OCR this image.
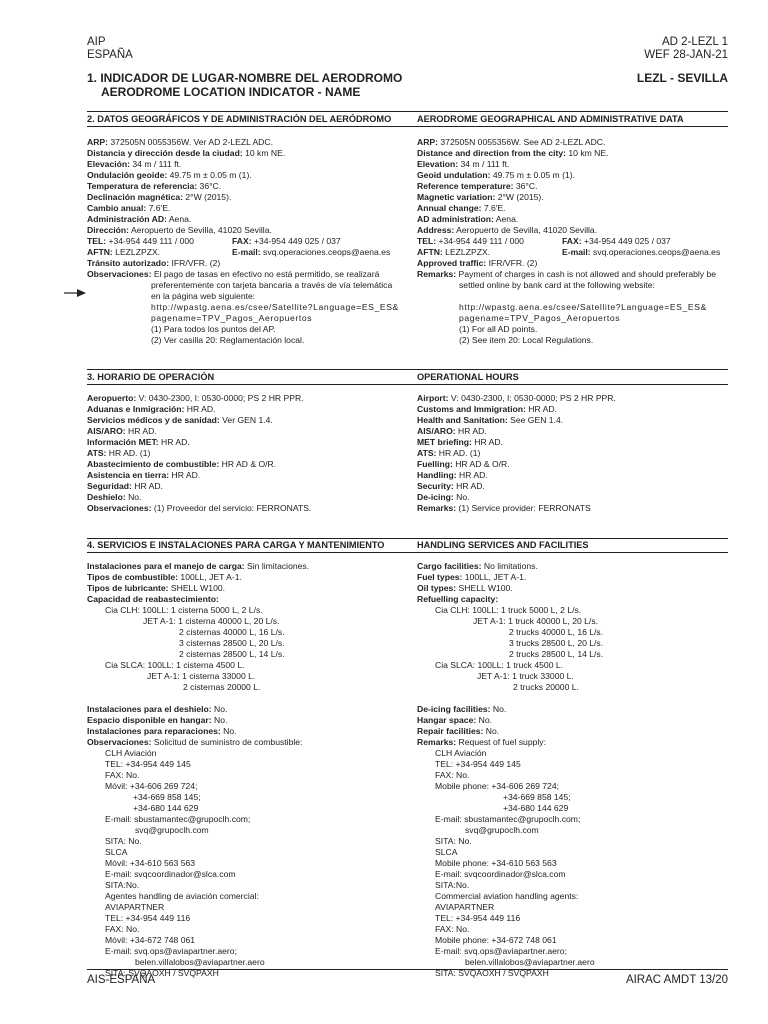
AIP
ESPAÑA
AD 2-LEZL 1
WEF 28-JAN-21
1. INDICADOR DE LUGAR-NOMBRE DEL AERODROMO
AERODROME LOCATION INDICATOR - NAME
LEZL - SEVILLA
2. DATOS GEOGRÁFICOS Y DE ADMINISTRACIÓN DEL AERÓDROMO	AERODROME GEOGRAPHICAL AND ADMINISTRATIVE DATA
ARP: 372505N 0055356W. Ver AD 2-LEZL ADC.
Distancia y dirección desde la ciudad: 10 km NE.
Elevación: 34 m / 111 ft.
Ondulación geoide: 49.75 m ± 0.05 m (1).
Temperatura de referencia: 36°C.
Declinación magnética: 2°W (2015).
Cambio anual: 7.6'E.
Administración AD: Aena.
Dirección: Aeropuerto de Sevilla, 41020 Sevilla.
TEL: +34-954 449 111 / 000	FAX: +34-954 449 025 / 037
AFTN: LEZLZPZX.	E-mail: svq.operaciones.ceops@aena.es
Tránsito autorizado: IFR/VFR. (2)
Observaciones: El pago de tasas en efectivo no está permitido, se realizará
preferentemente con tarjeta bancaria a través de vía telemática
en la página web siguiente:
http://wpastg.aena.es/csee/Satellite?Language=ES_ES&
pagename=TPV_Pagos_Aeropuertos
(1) Para todos los puntos del AP.
(2) Ver casilla 20: Reglamentación local.
ARP: 372505N 0055356W. See AD 2-LEZL ADC.
Distance and direction from the city: 10 km NE.
Elevation: 34 m / 111 ft.
Geoid undulation: 49.75 m ± 0.05 m (1).
Reference temperature: 36°C.
Magnetic variation: 2°W (2015).
Annual change: 7.6'E.
AD administration: Aena.
Address: Aeropuerto de Sevilla, 41020 Sevilla.
TEL: +34-954 449 111 / 000	FAX: +34-954 449 025 / 037
AFTN: LEZLZPZX.	E-mail: svq.operaciones.ceops@aena.es
Approved traffic: IFR/VFR. (2)
Remarks: Payment of charges in cash is not allowed and should preferably be
settled online by bank card at the following website:
http://wpastg.aena.es/csee/Satellite?Language=ES_ES&
pagename=TPV_Pagos_Aeropuertos
(1) For all AD points.
(2) See item 20: Local Regulations.
3. HORARIO DE OPERACIÓN	OPERATIONAL HOURS
Aeropuerto: V: 0430-2300, I: 0530-0000; PS 2 HR PPR.
Aduanas e Inmigración: HR AD.
Servicios médicos y de sanidad: Ver GEN 1.4.
AIS/ARO: HR AD.
Información MET: HR AD.
ATS: HR AD. (1)
Abastecimiento de combustible: HR AD & O/R.
Asistencia en tierra: HR AD.
Seguridad: HR AD.
Deshielo: No.
Observaciones: (1) Proveedor del servicio: FERRONATS.
Airport: V: 0430-2300, I: 0530-0000; PS 2 HR PPR.
Customs and Immigration: HR AD.
Health and Sanitation: See GEN 1.4.
AIS/ARO: HR AD.
MET briefing: HR AD.
ATS: HR AD. (1)
Fuelling: HR AD & O/R.
Handling: HR AD.
Security: HR AD.
De-icing: No.
Remarks: (1) Service provider: FERRONATS
4. SERVICIOS E INSTALACIONES PARA CARGA Y MANTENIMIENTO	HANDLING SERVICES AND FACILITIES
Instalaciones para el manejo de carga: Sin limitaciones.
Tipos de combustible: 100LL, JET A-1.
Tipos de lubricante: SHELL W100.
Capacidad de reabastecimiento:
Cia CLH: 100LL: 1 cisterna 5000 L, 2 L/s.
JET A-1: 1 cisterna 40000 L, 20 L/s.
2 cisternas 40000 L, 16 L/s.
3 cisternas 28500 L, 20 L/s.
2 cisternas 28500 L, 14 L/s.
Cia SLCA: 100LL: 1 cisterna 4500 L.
JET A-1: 1 cisterna 33000 L.
2 cisternas 20000 L.
Instalaciones para el deshielo: No.
Espacio disponible en hangar: No.
Instalaciones para reparaciones: No.
Observaciones: Solicitud de suministro de combustible:
CLH Aviación
TEL: +34-954 449 145
FAX: No.
Móvil: +34-606 269 724;
+34-669 858 145;
+34-680 144 629
E-mail: sbustamantec@grupoclh.com;
svq@grupoclh.com
SITA: No.
SLCA
Móvil: +34-610 563 563
E-mail: svqcoordinador@slca.com
SITA:No.
Agentes handling de aviación comercial:
AVIAPARTNER
TEL: +34-954 449 116
FAX: No.
Móvil: +34-672 748 061
E-mail: svq.ops@aviapartner.aero;
belen.villalobos@aviapartner.aero
SITA: SVQAOXH / SVQPAXH
Cargo facilities: No limitations.
Fuel types: 100LL, JET A-1.
Oil types: SHELL W100.
Refuelling capacity:
Cia CLH: 100LL: 1 truck 5000 L, 2 L/s.
JET A-1: 1 truck 40000 L, 20 L/s.
2 trucks 40000 L, 16 L/s.
3 trucks 28500 L, 20 L/s.
2 trucks 28500 L, 14 L/s.
Cia SLCA: 100LL: 1 truck 4500 L.
JET A-1: 1 truck 33000 L.
2 trucks 20000 L.
De-icing facilities: No.
Hangar space: No.
Repair facilities: No.
Remarks: Request of fuel supply:
CLH Aviación
TEL: +34-954 449 145
FAX: No.
Mobile phone: +34-606 269 724;
+34-669 858 145;
+34-680 144 629
E-mail: sbustamantec@grupoclh.com;
svq@grupoclh.com
SITA: No.
SLCA
Mobile phone: +34-610 563 563
E-mail: svqcoordinador@slca.com
SITA:No.
Commercial aviation handling agents:
AVIAPARTNER
TEL: +34-954 449 116
FAX: No.
Mobile phone: +34-672 748 061
E-mail: svq.ops@aviapartner.aero;
belen.villalobos@aviapartner.aero
SITA: SVQAOXH / SVQPAXH
AIS-ESPAÑA	AIRAC AMDT 13/20
